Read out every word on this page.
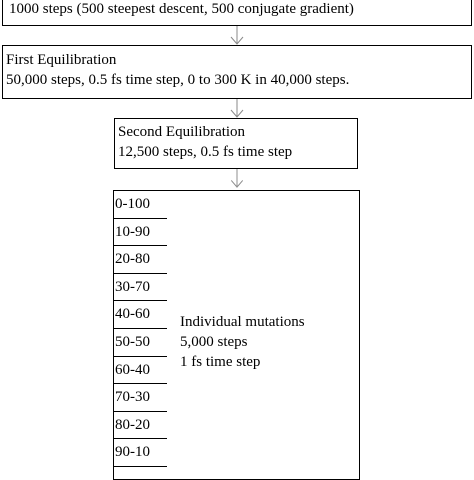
1000 steps (500 steepest descent, 500 conjugate gradient)
First Equilibration
50,000 steps, 0.5 fs time step, 0 to 300 K in 40,000 steps.
Second Equilibration
12,500 steps, 0.5 fs time step
0-100
10-90
20-80
30-70
40-60
50-50
60-40
70-30
80-20
90-10
Individual mutations
5,000 steps
1 fs time step
